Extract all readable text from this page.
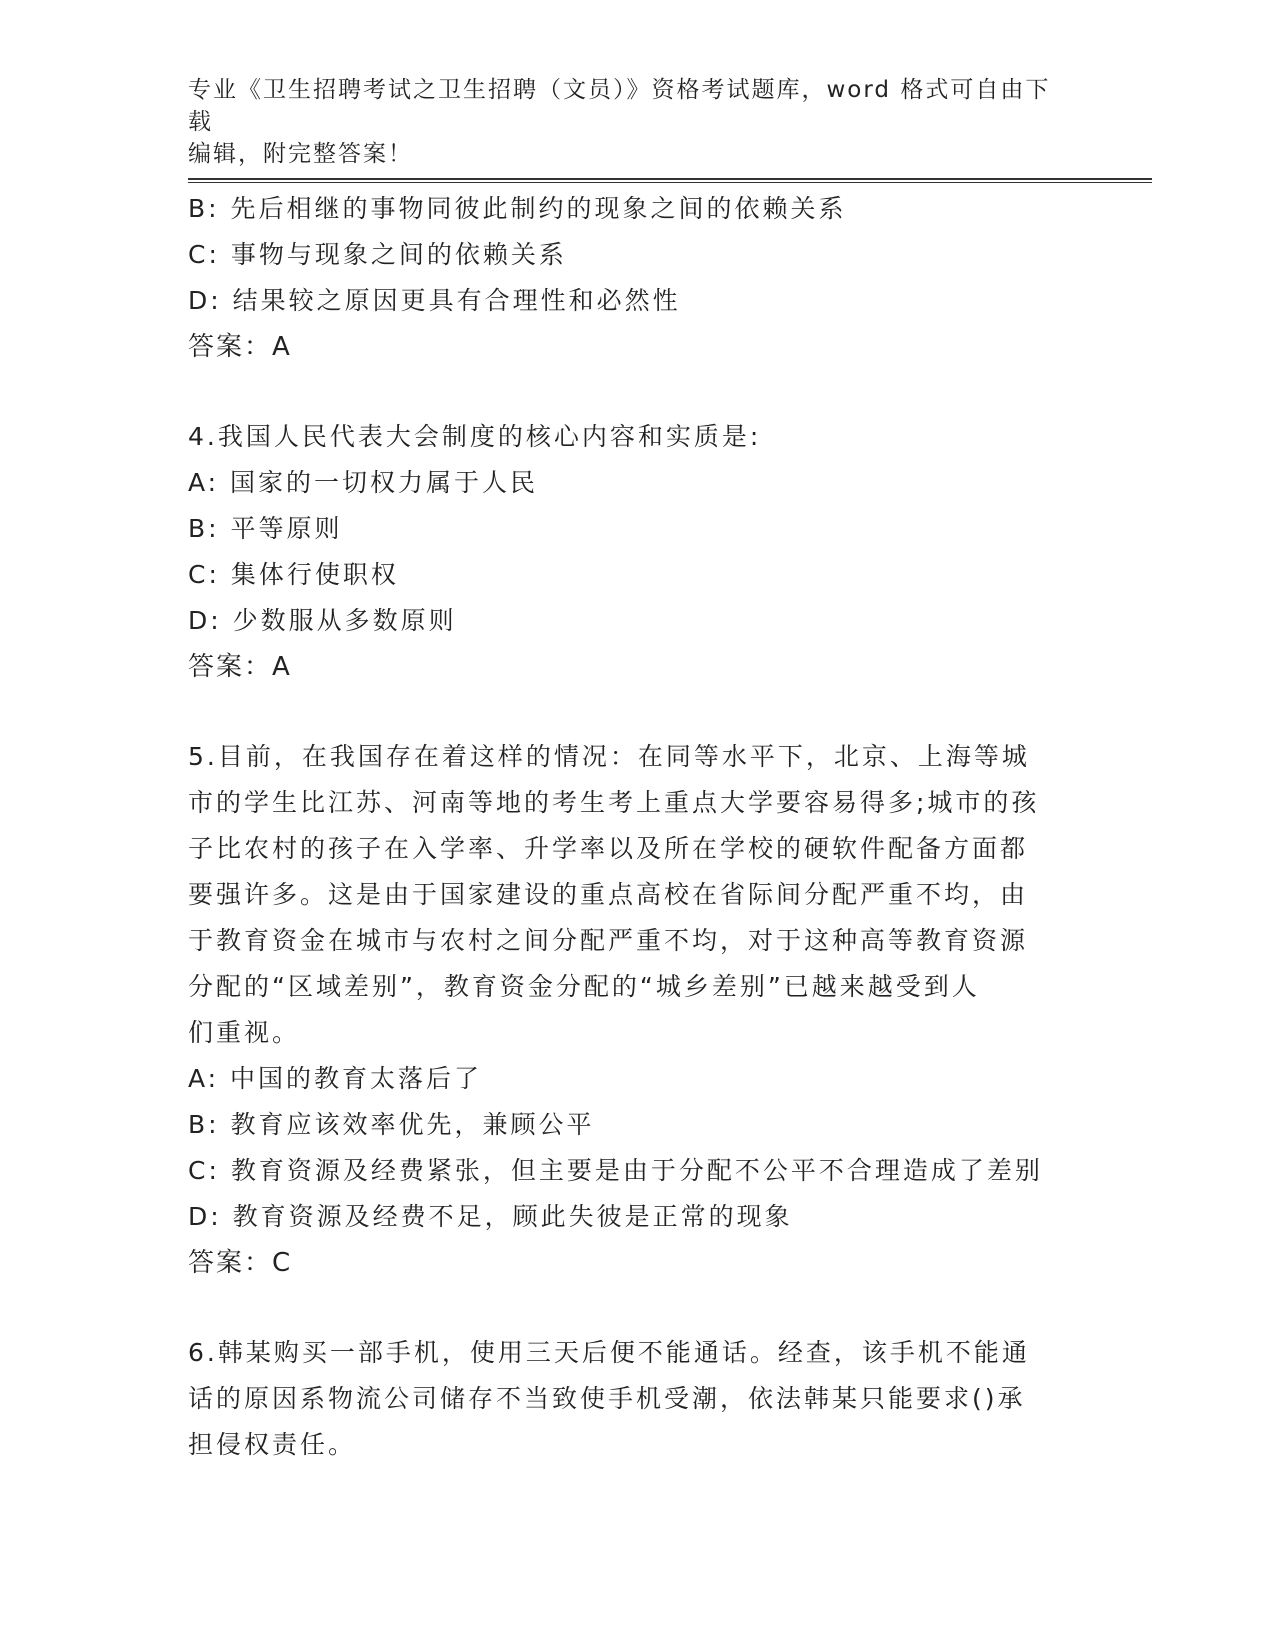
专业《卫生招聘考试之卫生招聘（文员）》资格考试题库，word 格式可自由下载
编辑，附完整答案！
B: 先后相继的事物同彼此制约的现象之间的依赖关系
C: 事物与现象之间的依赖关系
D: 结果较之原因更具有合理性和必然性
答案：A
4.我国人民代表大会制度的核心内容和实质是:
A: 国家的一切权力属于人民
B: 平等原则
C: 集体行使职权
D: 少数服从多数原则
答案：A
5.目前，在我国存在着这样的情况：在同等水平下，北京、上海等城
市的学生比江苏、河南等地的考生考上重点大学要容易得多;城市的孩
子比农村的孩子在入学率、升学率以及所在学校的硬软件配备方面都
要强许多。这是由于国家建设的重点高校在省际间分配严重不均，由
于教育资金在城市与农村之间分配严重不均，对于这种高等教育资源
分配的“区域差别”，教育资金分配的“城乡差别”已越来越受到人
们重视。
A: 中国的教育太落后了
B: 教育应该效率优先，兼顾公平
C: 教育资源及经费紧张，但主要是由于分配不公平不合理造成了差别
D: 教育资源及经费不足，顾此失彼是正常的现象
答案：C
6.韩某购买一部手机，使用三天后便不能通话。经查，该手机不能通
话的原因系物流公司储存不当致使手机受潮，依法韩某只能要求()承
担侵权责任。
